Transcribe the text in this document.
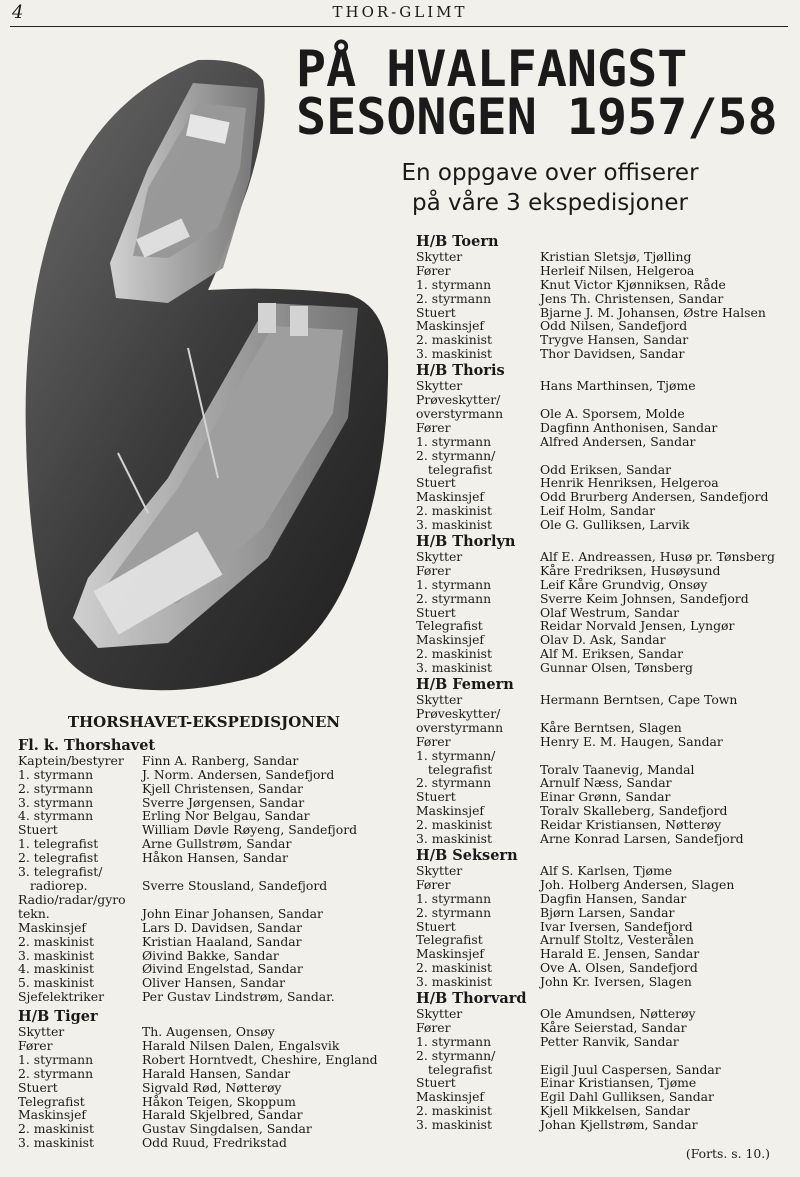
4	THOR-GLIMT
PÅ HVALFANGST
SESONGEN 1957/58
En oppgave over offiserer
på våre 3 ekspedisjoner
THORSHAVET-EKSPEDISJONEN
Fl. k. Thorshavet
Kaptein/bestyrer	Finn A. Ranberg, Sandar
1. styrmann	J. Norm. Andersen, Sandefjord
2. styrmann	Kjell Christensen, Sandar
3. styrmann	Sverre Jørgensen, Sandar
4. styrmann	Erling Nor Belgau, Sandar
Stuert	William Døvle Røyeng, Sandefjord
1. telegrafist	Arne Gullstrøm, Sandar
2. telegrafist	Håkon Hansen, Sandar
3. telegrafist/
radiorep.	Sverre Stousland, Sandefjord
Radio/radar/gyro
tekn.	John Einar Johansen, Sandar
Maskinsjef	Lars D. Davidsen, Sandar
2. maskinist	Kristian Haaland, Sandar
3. maskinist	Øivind Bakke, Sandar
4. maskinist	Øivind Engelstad, Sandar
5. maskinist	Oliver Hansen, Sandar
Sjefelektriker	Per Gustav Lindstrøm, Sandar.
H/B Tiger
Skytter	Th. Augensen, Onsøy
Fører	Harald Nilsen Dalen, Engalsvik
1. styrmann	Robert Horntvedt, Cheshire, England
2. styrmann	Harald Hansen, Sandar
Stuert	Sigvald Rød, Nøtterøy
Telegrafist	Håkon Teigen, Skoppum
Maskinsjef	Harald Skjelbred, Sandar
2. maskinist	Gustav Singdalsen, Sandar
3. maskinist	Odd Ruud, Fredrikstad
H/B Toern
Skytter	Kristian Sletsjø, Tjølling
Fører	Herleif Nilsen, Helgeroa
1. styrmann	Knut Victor Kjønniksen, Råde
2. styrmann	Jens Th. Christensen, Sandar
Stuert	Bjarne J. M. Johansen, Østre Halsen
Maskinsjef	Odd Nilsen, Sandefjord
2. maskinist	Trygve Hansen, Sandar
3. maskinist	Thor Davidsen, Sandar
H/B Thoris
Skytter	Hans Marthinsen, Tjøme
Prøveskytter/
overstyrmann	Ole A. Sporsem, Molde
Fører	Dagfinn Anthonisen, Sandar
1. styrmann	Alfred Andersen, Sandar
2. styrmann/
telegrafist	Odd Eriksen, Sandar
Stuert	Henrik Henriksen, Helgeroa
Maskinsjef	Odd Brurberg Andersen, Sandefjord
2. maskinist	Leif Holm, Sandar
3. maskinist	Ole G. Gulliksen, Larvik
H/B Thorlyn
Skytter	Alf E. Andreassen, Husø pr. Tønsberg
Fører	Kåre Fredriksen, Husøysund
1. styrmann	Leif Kåre Grundvig, Onsøy
2. styrmann	Sverre Keim Johnsen, Sandefjord
Stuert	Olaf Westrum, Sandar
Telegrafist	Reidar Norvald Jensen, Lyngør
Maskinsjef	Olav D. Ask, Sandar
2. maskinist	Alf M. Eriksen, Sandar
3. maskinist	Gunnar Olsen, Tønsberg
H/B Femern
Skytter	Hermann Berntsen, Cape Town
Prøveskytter/
overstyrmann	Kåre Berntsen, Slagen
Fører	Henry E. M. Haugen, Sandar
1. styrmann/
telegrafist	Toralv Taanevig, Mandal
2. styrmann	Arnulf Næss, Sandar
Stuert	Einar Grønn, Sandar
Maskinsjef	Toralv Skalleberg, Sandefjord
2. maskinist	Reidar Kristiansen, Nøtterøy
3. maskinist	Arne Konrad Larsen, Sandefjord
H/B Seksern
Skytter	Alf S. Karlsen, Tjøme
Fører	Joh. Holberg Andersen, Slagen
1. styrmann	Dagfin Hansen, Sandar
2. styrmann	Bjørn Larsen, Sandar
Stuert	Ivar Iversen, Sandefjord
Telegrafist	Arnulf Stoltz, Vesterålen
Maskinsjef	Harald E. Jensen, Sandar
2. maskinist	Ove A. Olsen, Sandefjord
3. maskinist	John Kr. Iversen, Slagen
H/B Thorvard
Skytter	Ole Amundsen, Nøtterøy
Fører	Kåre Seierstad, Sandar
1. styrmann	Petter Ranvik, Sandar
2. styrmann/
telegrafist	Eigil Juul Caspersen, Sandar
Stuert	Einar Kristiansen, Tjøme
Maskinsjef	Egil Dahl Gulliksen, Sandar
2. maskinist	Kjell Mikkelsen, Sandar
3. maskinist	Johan Kjellstrøm, Sandar
(Forts. s. 10.)
